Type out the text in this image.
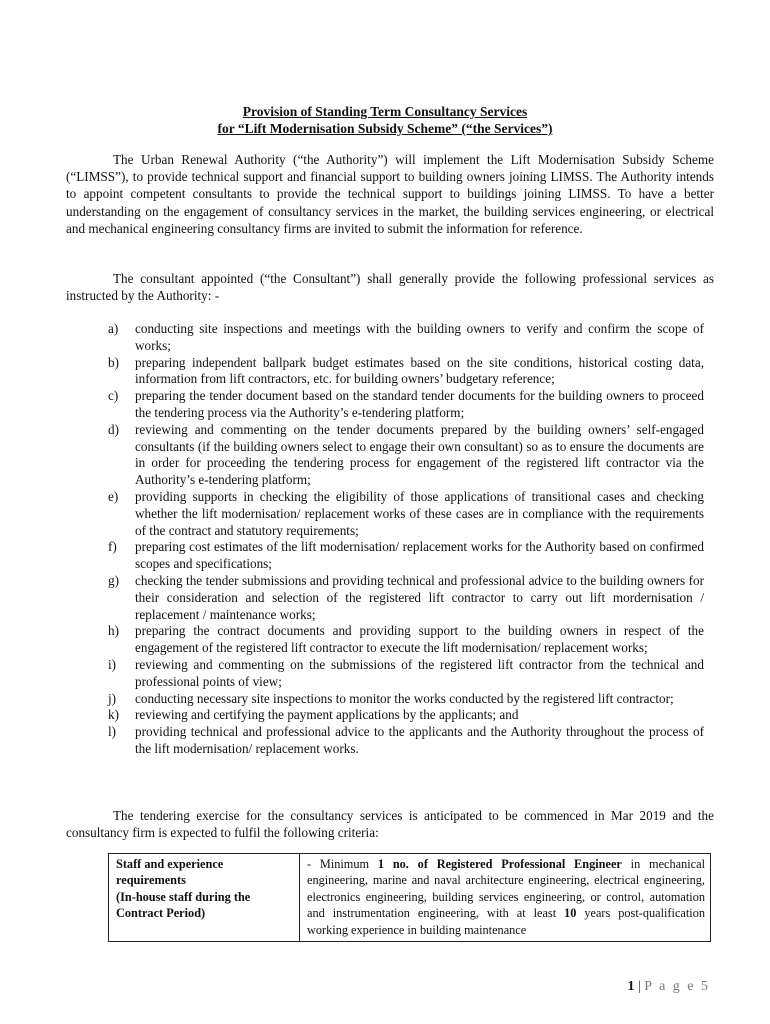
Provision of Standing Term Consultancy Services
for “Lift Modernisation Subsidy Scheme” (“the Services”)

The Urban Renewal Authority (“the Authority”) will implement the Lift Modernisation Subsidy Scheme (“LIMSS”), to provide technical support and financial support to building owners joining LIMSS. The Authority intends to appoint competent consultants to provide the technical support to buildings joining LIMSS. To have a better understanding on the engagement of consultancy services in the market, the building services engineering, or electrical and mechanical engineering consultancy firms are invited to submit the information for reference.

The consultant appointed (“the Consultant”) shall generally provide the following professional services as instructed by the Authority: -

a) conducting site inspections and meetings with the building owners to verify and confirm the scope of works;
b) preparing independent ballpark budget estimates based on the site conditions, historical costing data, information from lift contractors, etc. for building owners’ budgetary reference;
c) preparing the tender document based on the standard tender documents for the building owners to proceed the tendering process via the Authority’s e-tendering platform;
d) reviewing and commenting on the tender documents prepared by the building owners’ self-engaged consultants (if the building owners select to engage their own consultant) so as to ensure the documents are in order for proceeding the tendering process for engagement of the registered lift contractor via the Authority’s e-tendering platform;
e) providing supports in checking the eligibility of those applications of transitional cases and checking whether the lift modernisation/ replacement works of these cases are in compliance with the requirements of the contract and statutory requirements;
f) preparing cost estimates of the lift modernisation/ replacement works for the Authority based on confirmed scopes and specifications;
g) checking the tender submissions and providing technical and professional advice to the building owners for their consideration and selection of the registered lift contractor to carry out lift mordernisation / replacement / maintenance works;
h) preparing the contract documents and providing support to the building owners in respect of the engagement of the registered lift contractor to execute the lift modernisation/ replacement works;
i) reviewing and commenting on the submissions of the registered lift contractor from the technical and professional points of view;
j) conducting necessary site inspections to monitor the works conducted by the registered lift contractor;
k) reviewing and certifying the payment applications by the applicants; and
l) providing technical and professional advice to the applicants and the Authority throughout the process of the lift modernisation/ replacement works.

The tendering exercise for the consultancy services is anticipated to be commenced in Mar 2019 and the consultancy firm is expected to fulfil the following criteria:

Staff and experience requirements
(In-house staff during the Contract Period)
	- Minimum 1 no. of Registered Professional Engineer in mechanical engineering, marine and naval architecture engineering, electrical engineering, electronics engineering, building services engineering, or control, automation and instrumentation engineering, with at least 10 years post-qualification working experience in building maintenance
1 | P a g e 5
